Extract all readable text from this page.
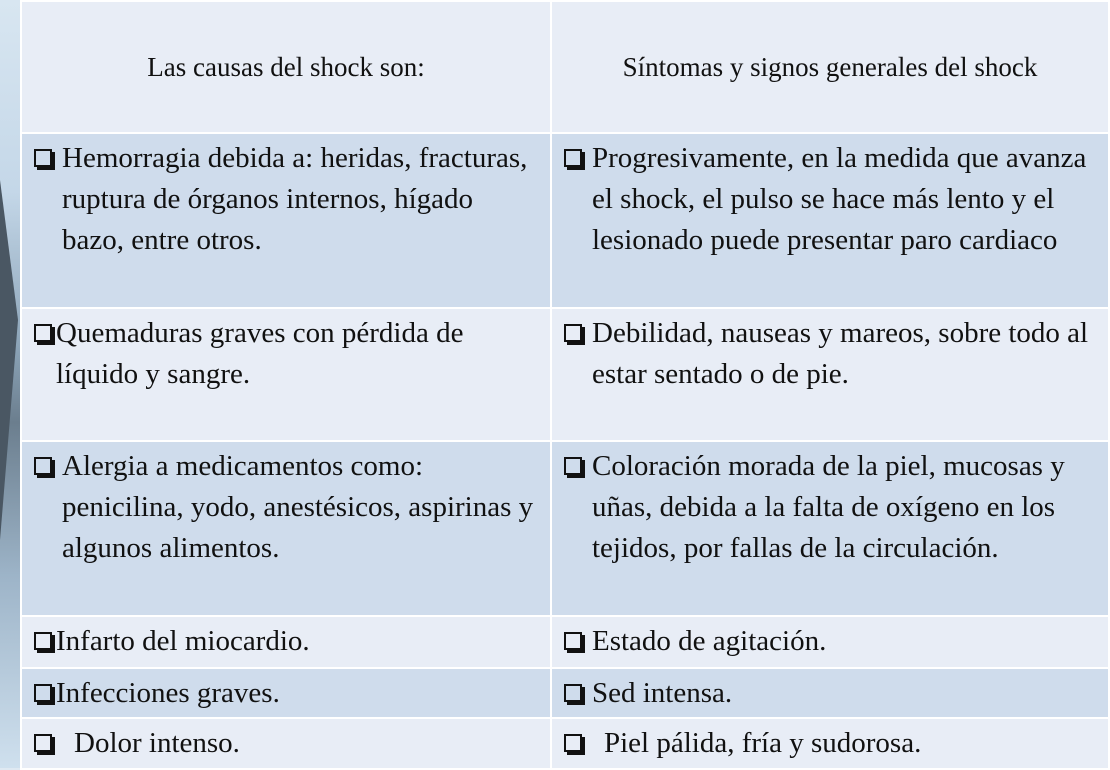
Las causas del shock son:	Síntomas y signos generales del shock

Hemorragia debida a: heridas, fracturas, ruptura de órganos internos, hígado bazo, entre otros.	Progresivamente, en la medida que avanza el shock, el pulso se hace más lento y el lesionado puede presentar paro cardiaco

Quemaduras graves con pérdida de líquido y sangre.	Debilidad, nauseas y mareos, sobre todo al estar sentado o de pie.

Alergia a medicamentos como: penicilina, yodo, anestésicos, aspirinas y algunos alimentos.	Coloración morada de la piel, mucosas y uñas, debida a la falta de oxígeno en los tejidos, por fallas de la circulación.

Infarto del miocardio.	Estado de agitación.

Infecciones graves.	Sed intensa.

Dolor intenso.	Piel pálida, fría y sudorosa.
